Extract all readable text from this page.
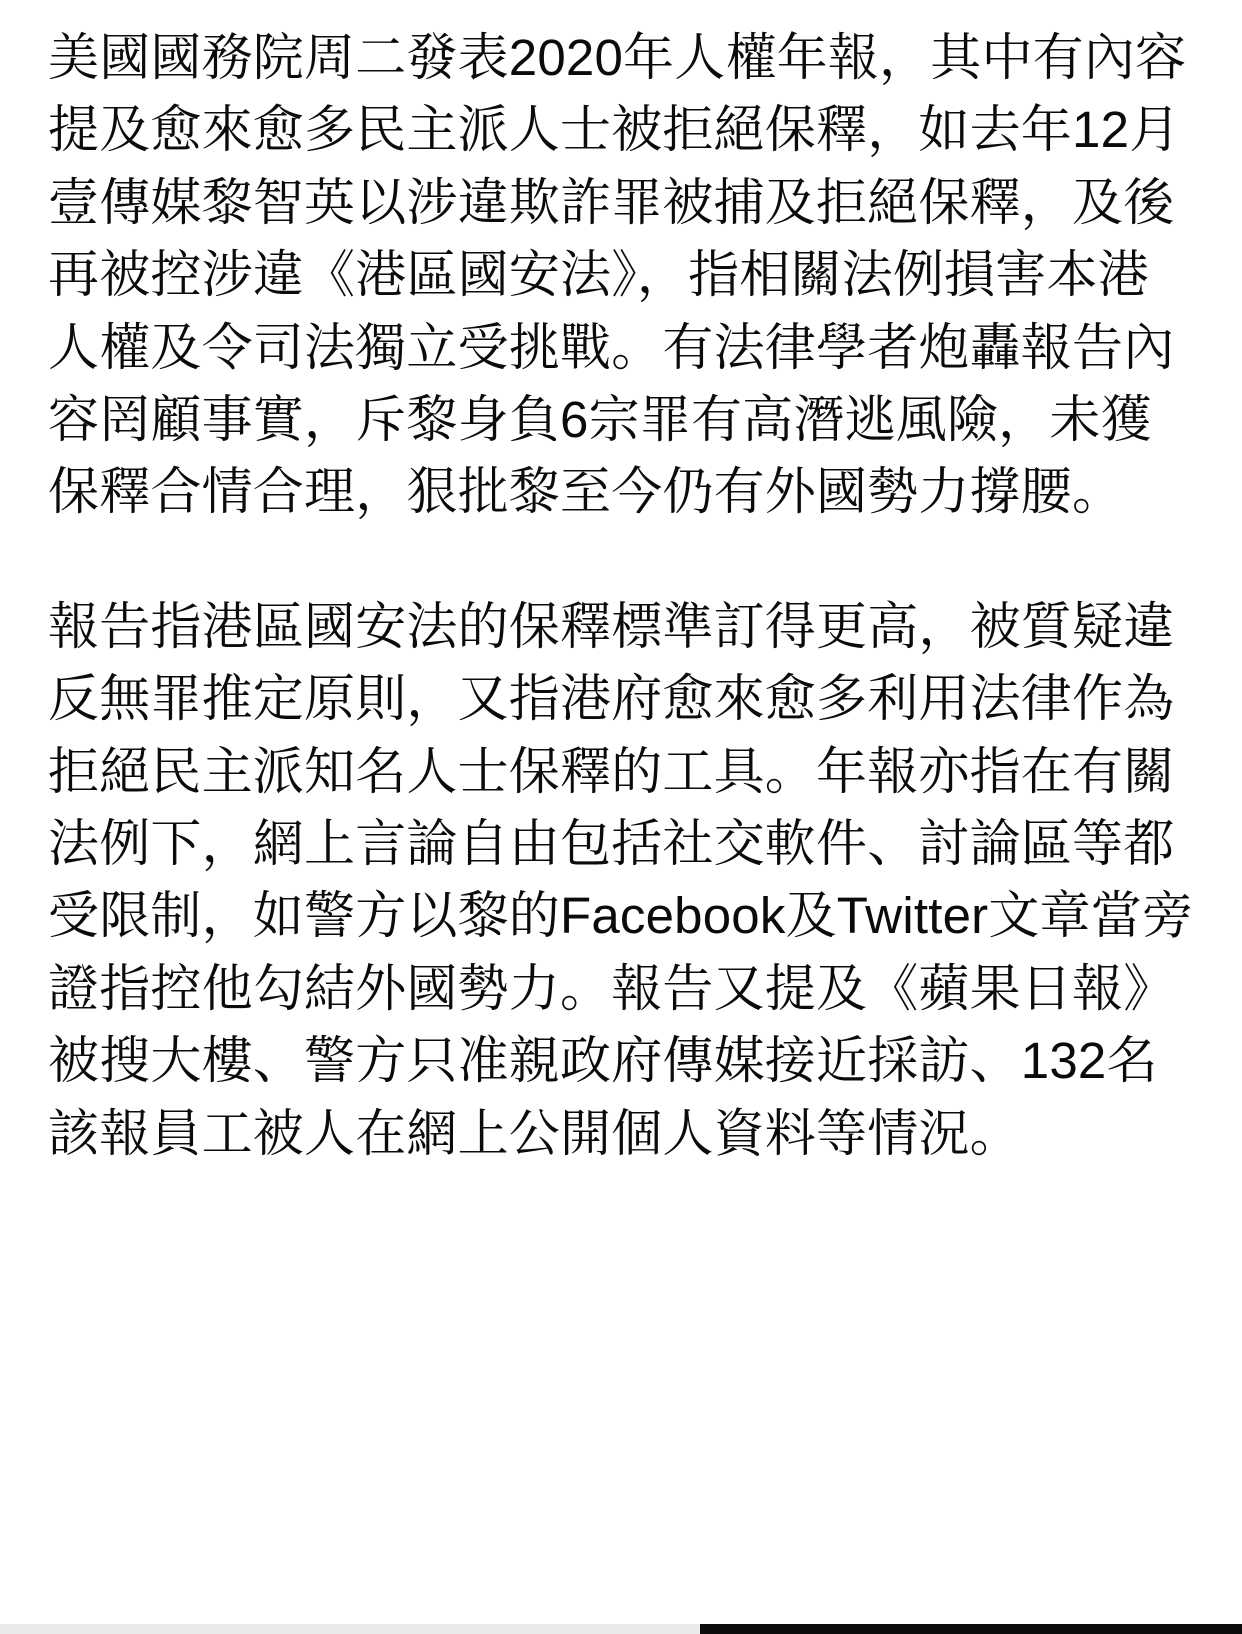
美國國務院周二發表2020年人權年報，其中有內容提及愈來愈多民主派人士被拒絕保釋，如去年12月壹傳媒黎智英以涉違欺詐罪被捕及拒絕保釋，及後再被控涉違《港區國安法》，指相關法例損害本港人權及令司法獨立受挑戰。有法律學者炮轟報告內容罔顧事實，斥黎身負6宗罪有高潛逃風險，未獲保釋合情合理，狠批黎至今仍有外國勢力撐腰。

報告指港區國安法的保釋標準訂得更高，被質疑違反無罪推定原則，又指港府愈來愈多利用法律作為拒絕民主派知名人士保釋的工具。年報亦指在有關法例下，網上言論自由包括社交軟件、討論區等都受限制，如警方以黎的Facebook及Twitter文章當旁證指控他勾結外國勢力。報告又提及《蘋果日報》被搜大樓、警方只准親政府傳媒接近採訪、132名該報員工被人在網上公開個人資料等情況。
